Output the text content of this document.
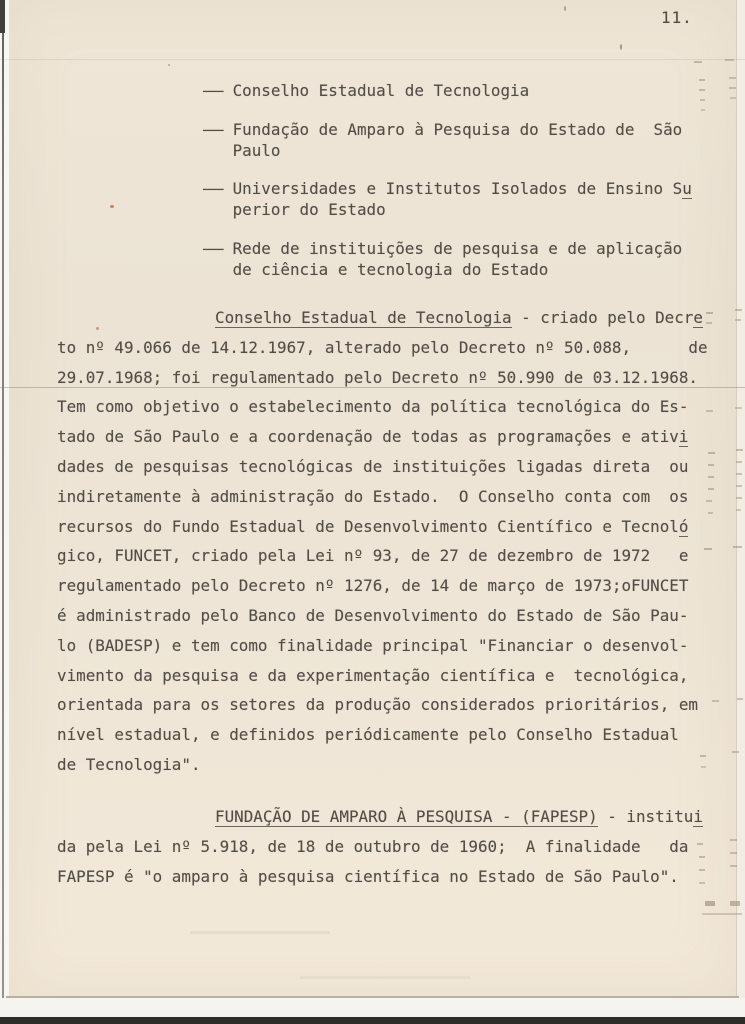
11.
— Conselho Estadual de Tecnologia
— Fundação de Amparo à Pesquisa do Estado de  São
Paulo
— Universidades e Institutos Isolados de Ensino Su
perior do Estado
— Rede de instituições de pesquisa e de aplicação
de ciência e tecnologia do Estado
Conselho Estadual de Tecnologia - criado pelo Decre
to nº 49.066 de 14.12.1967, alterado pelo Decreto nº 50.088,      de
29.07.1968; foi regulamentado pelo Decreto nº 50.990 de 03.12.1968.
Tem como objetivo o estabelecimento da política tecnológica do Es-
tado de São Paulo e a coordenação de todas as programações e ativi
dades de pesquisas tecnológicas de instituições ligadas direta  ou
indiretamente à administração do Estado.  O Conselho conta com  os
recursos do Fundo Estadual de Desenvolvimento Científico e Tecnoló
gico, FUNCET, criado pela Lei nº 93, de 27 de dezembro de 1972   e
regulamentado pelo Decreto nº 1276, de 14 de março de 1973;oFUNCET
é administrado pelo Banco de Desenvolvimento do Estado de São Pau-
lo (BADESP) e tem como finalidade principal "Financiar o desenvol-
vimento da pesquisa e da experimentação científica e  tecnológica,
orientada para os setores da produção considerados prioritários, em
nível estadual, e definidos periódicamente pelo Conselho Estadual
de Tecnologia".
FUNDAÇÃO DE AMPARO À PESQUISA - (FAPESP) - institui
da pela Lei nº 5.918, de 18 de outubro de 1960;  A finalidade   da
FAPESP é "o amparo à pesquisa científica no Estado de São Paulo".
